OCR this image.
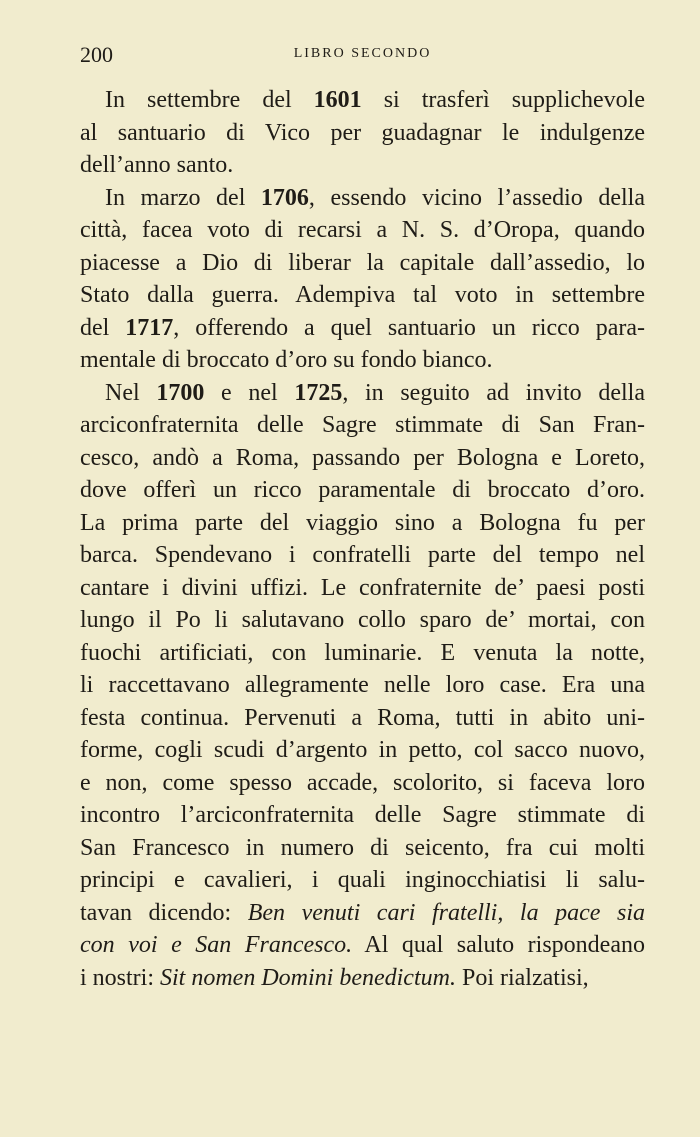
200	LIBRO SECONDO
In settembre del 1601 si trasferì supplichevole
al santuario di Vico per guadagnar le indulgenze
dell’anno santo.
In marzo del 1706, essendo vicino l’assedio della
città, facea voto di recarsi a N. S. d’Oropa, quando
piacesse a Dio di liberar la capitale dall’assedio, lo
Stato dalla guerra. Adempiva tal voto in settembre
del 1717, offerendo a quel santuario un ricco para-
mentale di broccato d’oro su fondo bianco.
Nel 1700 e nel 1725, in seguito ad invito della
arciconfraternita delle Sagre stimmate di San Fran-
cesco, andò a Roma, passando per Bologna e Loreto,
dove offerì un ricco paramentale di broccato d’oro.
La prima parte del viaggio sino a Bologna fu per
barca. Spendevano i confratelli parte del tempo nel
cantare i divini uffizi. Le confraternite de’ paesi posti
lungo il Po li salutavano collo sparo de’ mortai, con
fuochi artificiati, con luminarie. E venuta la notte,
li raccettavano allegramente nelle loro case. Era una
festa continua. Pervenuti a Roma, tutti in abito uni-
forme, cogli scudi d’argento in petto, col sacco nuovo,
e non, come spesso accade, scolorito, si faceva loro
incontro l’arciconfraternita delle Sagre stimmate di
San Francesco in numero di seicento, fra cui molti
principi e cavalieri, i quali inginocchiatisi li salu-
tavan dicendo: Ben venuti cari fratelli, la pace sia
con voi e San Francesco. Al qual saluto rispondeano
i nostri: Sit nomen Domini benedictum. Poi rialzatisi,
